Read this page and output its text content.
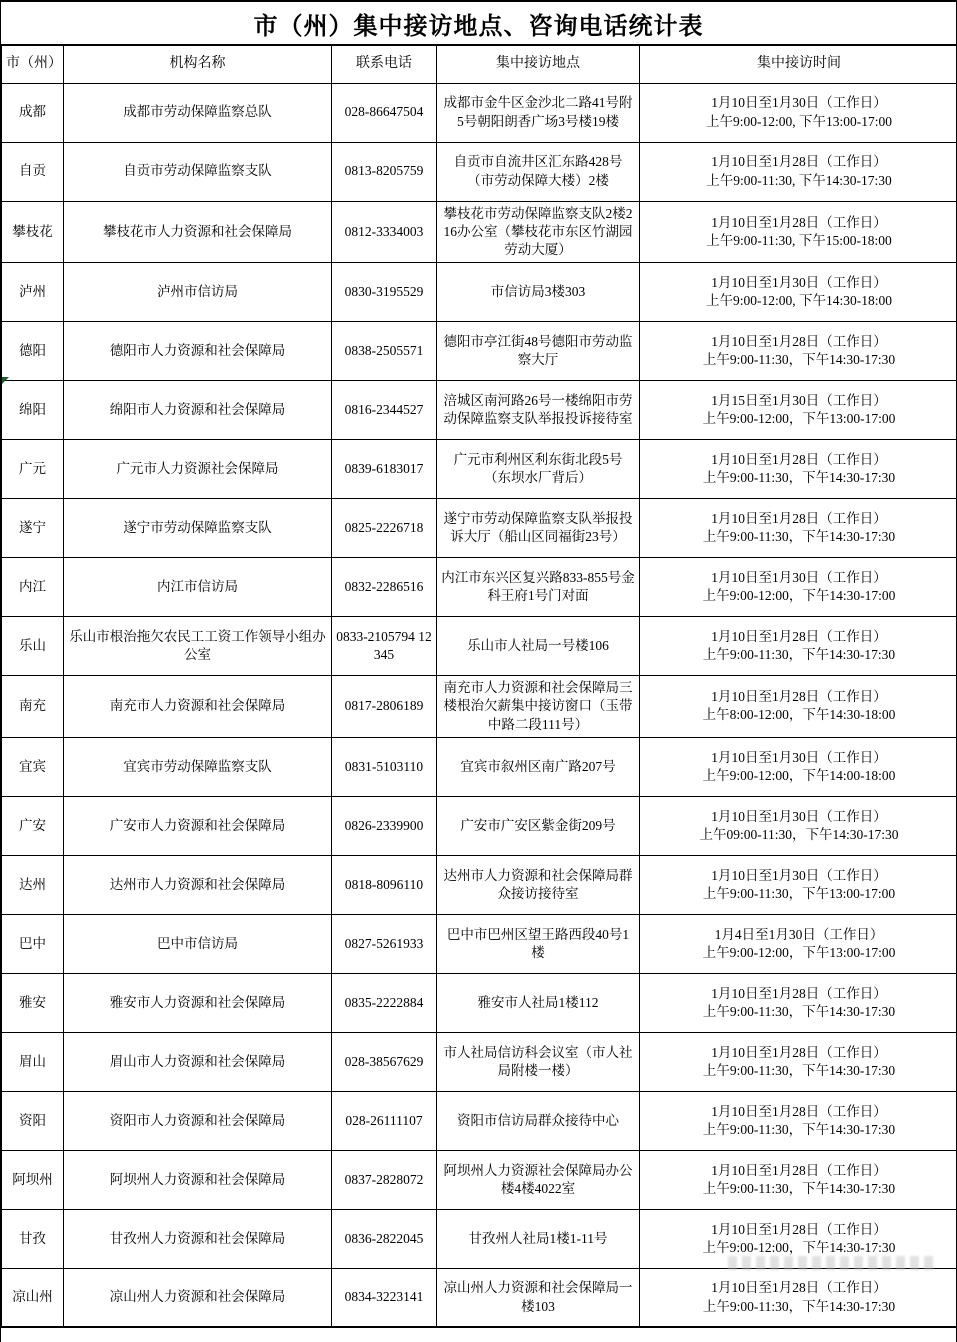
市（州）集中接访地点、咨询电话统计表
市（州）	机构名称	联系电话	集中接访地点	集中接访时间
成都	成都市劳动保障监察总队	028-86647504	成都市金牛区金沙北二路41号附5号朝阳朗香广场3号楼19楼	1月10日至1月30日（工作日）
上午9:00-12:00, 下午13:00-17:00

自贡	自贡市劳动保障监察支队	0813-8205759	自贡市自流井区汇东路428号（市劳动保障大楼）2楼	1月10日至1月28日（工作日）
上午9:00-11:30, 下午14:30-17:30

攀枝花	攀枝花市人力资源和社会保障局	0812-3334003	攀枝花市劳动保障监察支队2楼216办公室（攀枝花市东区竹湖园劳动大厦）	1月10日至1月28日（工作日）
上午9:00-11:30, 下午15:00-18:00

泸州	泸州市信访局	0830-3195529	市信访局3楼303	1月10日至1月30日（工作日）
上午9:00-12:00, 下午14:30-18:00

德阳	德阳市人力资源和社会保障局	0838-2505571	德阳市亭江街48号德阳市劳动监察大厅	1月10日至1月28日（工作日）
上午9:00-11:30，下午14:30-17:30

绵阳	绵阳市人力资源和社会保障局	0816-2344527	涪城区南河路26号一楼绵阳市劳动保障监察支队举报投诉接待室	1月15日至1月30日（工作日）
上午9:00-12:00，下午13:00-17:00

广元	广元市人力资源社会保障局	0839-6183017	广元市利州区利东街北段5号（东坝水厂背后）	1月10日至1月28日（工作日）
上午9:00-11:30，下午14:30-17:30

遂宁	遂宁市劳动保障监察支队	0825-2226718	遂宁市劳动保障监察支队举报投诉大厅（船山区同福街23号）	1月10日至1月28日（工作日）
上午9:00-11:30，下午14:30-17:30

内江	内江市信访局	0832-2286516	内江市东兴区复兴路833-855号金科王府1号门对面	1月10日至1月30日（工作日）
上午9:00-12:00，下午14:30-17:00

乐山	乐山市根治拖欠农民工工资工作领导小组办公室	0833-2105794 12345	乐山市人社局一号楼106	1月10日至1月28日（工作日）
上午9:00-11:30，下午14:30-17:30

南充	南充市人力资源和社会保障局	0817-2806189	南充市人力资源和社会保障局三楼根治欠薪集中接访窗口（玉带中路二段111号）	1月10日至1月28日（工作日）
上午8:00-12:00，下午14:30-18:00

宜宾	宜宾市劳动保障监察支队	0831-5103110	宜宾市叙州区南广路207号	1月10日至1月30日（工作日）
上午9:00-12:00，下午14:00-18:00

广安	广安市人力资源和社会保障局	0826-2339900	广安市广安区紫金街209号	1月10日至1月30日（工作日）
上午09:00-11:30，下午14:30-17:30

达州	达州市人力资源和社会保障局	0818-8096110	达州市人力资源和社会保障局群众接访接待室	1月10日至1月30日（工作日）
上午9:00-11:30，下午13:00-17:00

巴中	巴中市信访局	0827-5261933	巴中市巴州区望王路西段40号1楼	1月4日至1月30日（工作日）
上午9:00-12:00，下午13:00-17:00

雅安	雅安市人力资源和社会保障局	0835-2222884	雅安市人社局1楼112	1月10日至1月28日（工作日）
上午9:00-11:30，下午14:30-17:30

眉山	眉山市人力资源和社会保障局	028-38567629	市人社局信访科会议室（市人社局附楼一楼）	1月10日至1月28日（工作日）
上午9:00-11:30，下午14:30-17:30

资阳	资阳市人力资源和社会保障局	028-26111107	资阳市信访局群众接待中心	1月10日至1月28日（工作日）
上午9:00-11:30，下午14:30-17:30

阿坝州	阿坝州人力资源和社会保障局	0837-2828072	阿坝州人力资源社会保障局办公楼4楼4022室	1月10日至1月28日（工作日）
上午9:00-11:30，下午14:30-17:30

甘孜	甘孜州人力资源和社会保障局	0836-2822045	甘孜州人社局1楼1-11号	1月10日至1月28日（工作日）
上午9:00-12:00，下午14:30-17:30

凉山州	凉山州人力资源和社会保障局	0834-3223141	凉山州人力资源和社会保障局一楼103	1月10日至1月28日（工作日）
上午9:00-11:30，下午14:30-17:30
